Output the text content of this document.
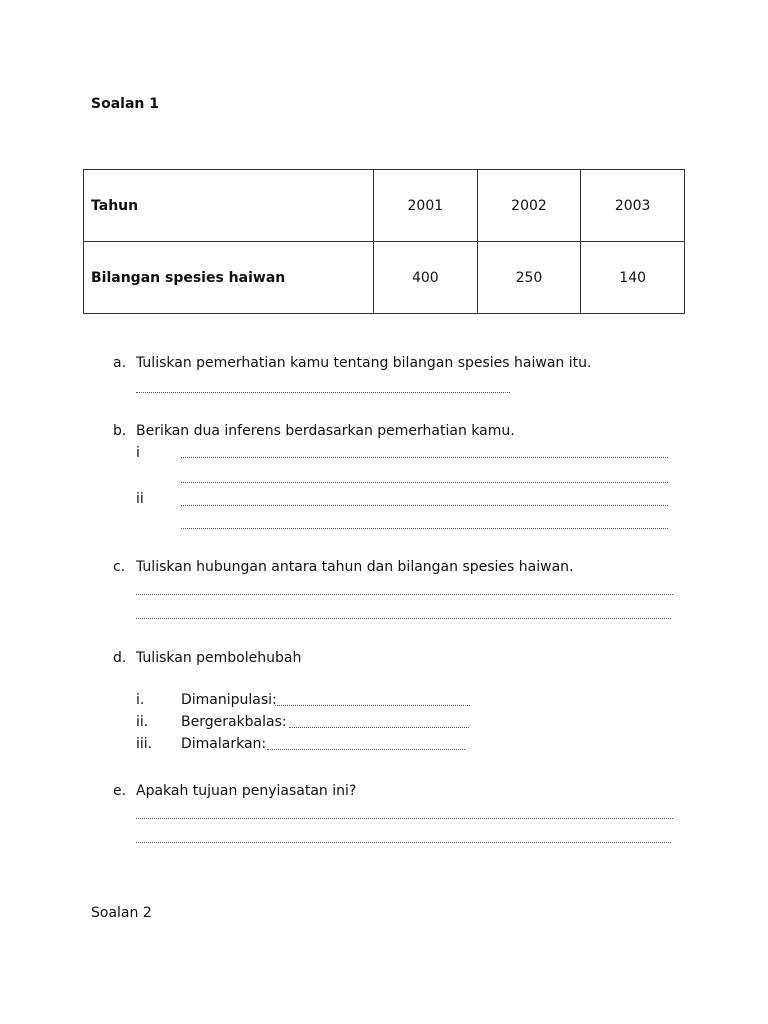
Soalan 1
Tahun	2001	2002	2003
Bilangan spesies haiwan	400	250	140
a. Tuliskan pemerhatian kamu tentang bilangan spesies haiwan itu.
b. Berikan dua inferens berdasarkan pemerhatian kamu.
i
ii
c. Tuliskan hubungan antara tahun dan bilangan spesies haiwan.
d. Tuliskan pembolehubah
i.	Dimanipulasi:
ii. Bergerakbalas:
iii. Dimalarkan:
e. Apakah tujuan penyiasatan ini?
Soalan 2
